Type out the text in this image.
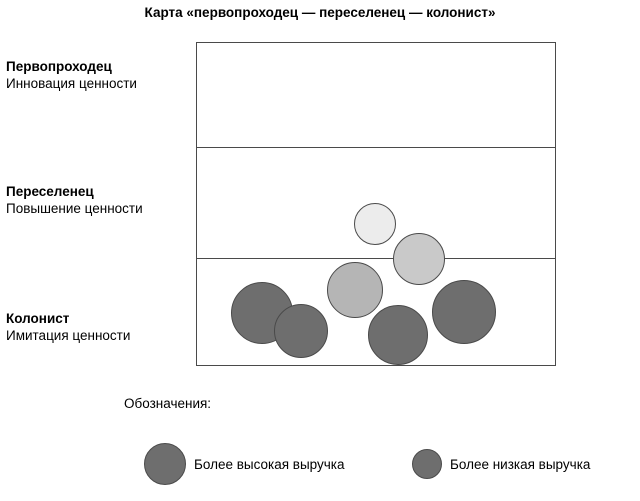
Карта «первопроходец — переселенец — колонист»

Первопроходец

Инновация ценности

Переселенец

Повышение ценности

Колонист

Имитация ценности

Обозначения:
Более высокая выручка	Более низкая выручка
